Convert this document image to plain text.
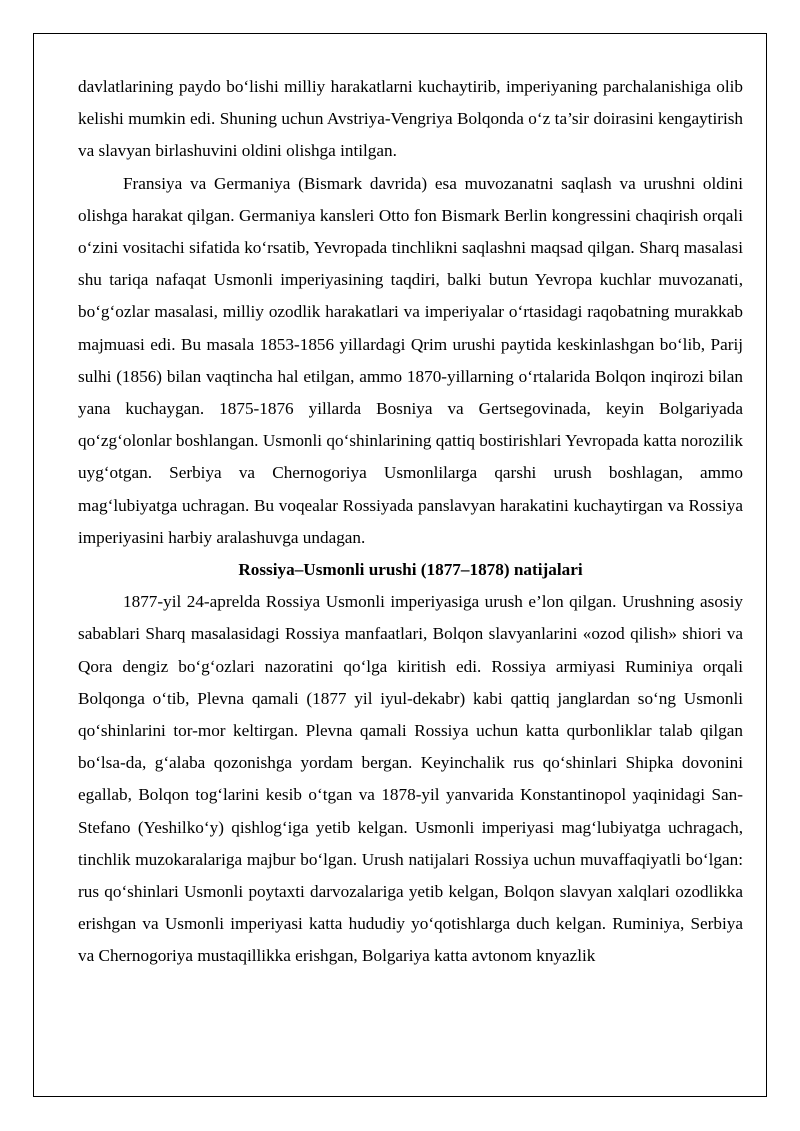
davlatlarining paydo bo‘lishi milliy harakatlarni kuchaytirib, imperiyaning parchalanishiga olib kelishi mumkin edi. Shuning uchun Avstriya-Vengriya Bolqonda o‘z ta’sir doirasini kengaytirish va slavyan birlashuvini oldini olishga intilgan.

Fransiya va Germaniya (Bismark davrida) esa muvozanatni saqlash va urushni oldini olishga harakat qilgan. Germaniya kansleri Otto fon Bismark Berlin kongressini chaqirish orqali o‘zini vositachi sifatida ko‘rsatib, Yevropada tinchlikni saqlashni maqsad qilgan. Sharq masalasi shu tariqa nafaqat Usmonli imperiyasining taqdiri, balki butun Yevropa kuchlar muvozanati, bo‘g‘ozlar masalasi, milliy ozodlik harakatlari va imperiyalar o‘rtasidagi raqobatning murakkab majmuasi edi. Bu masala 1853-1856 yillardagi Qrim urushi paytida keskinlashgan bo‘lib, Parij sulhi (1856) bilan vaqtincha hal etilgan, ammo 1870-yillarning o‘rtalarida Bolqon inqirozi bilan yana kuchaygan. 1875-1876 yillarda Bosniya va Gertsegovinada, keyin Bolgariyada qo‘zg‘olonlar boshlangan. Usmonli qo‘shinlarining qattiq bostirishlari Yevropada katta norozilik uyg‘otgan. Serbiya va Chernogoriya Usmonlilarga qarshi urush boshlagan, ammo mag‘lubiyatga uchragan. Bu voqealar Rossiyada panslavyan harakatini kuchaytirgan va Rossiya imperiyasini harbiy aralashuvga undagan.

Rossiya–Usmonli urushi (1877–1878) natijalari

1877-yil 24-aprelda Rossiya Usmonli imperiyasiga urush e’lon qilgan. Urushning asosiy sabablari Sharq masalasidagi Rossiya manfaatlari, Bolqon slavyanlarini «ozod qilish» shiori va Qora dengiz bo‘g‘ozlari nazoratini qo‘lga kiritish edi. Rossiya armiyasi Ruminiya orqali Bolqonga o‘tib, Plevna qamali (1877 yil iyul-dekabr) kabi qattiq janglardan so‘ng Usmonli qo‘shinlarini tor-mor keltirgan. Plevna qamali Rossiya uchun katta qurbonliklar talab qilgan bo‘lsa-da, g‘alaba qozonishga yordam bergan. Keyinchalik rus qo‘shinlari Shipka dovonini egallab, Bolqon tog‘larini kesib o‘tgan va 1878-yil yanvarida Konstantinopol yaqinidagi San-Stefano (Yeshilko‘y) qishlog‘iga yetib kelgan. Usmonli imperiyasi mag‘lubiyatga uchragach, tinchlik muzokaralariga majbur bo‘lgan. Urush natijalari Rossiya uchun muvaffaqiyatli bo‘lgan: rus qo‘shinlari Usmonli poytaxti darvozalariga yetib kelgan, Bolqon slavyan xalqlari ozodlikka erishgan va Usmonli imperiyasi katta hududiy yo‘qotishlarga duch kelgan. Ruminiya, Serbiya va Chernogoriya mustaqillikka erishgan, Bolgariya katta avtonom knyazlik
